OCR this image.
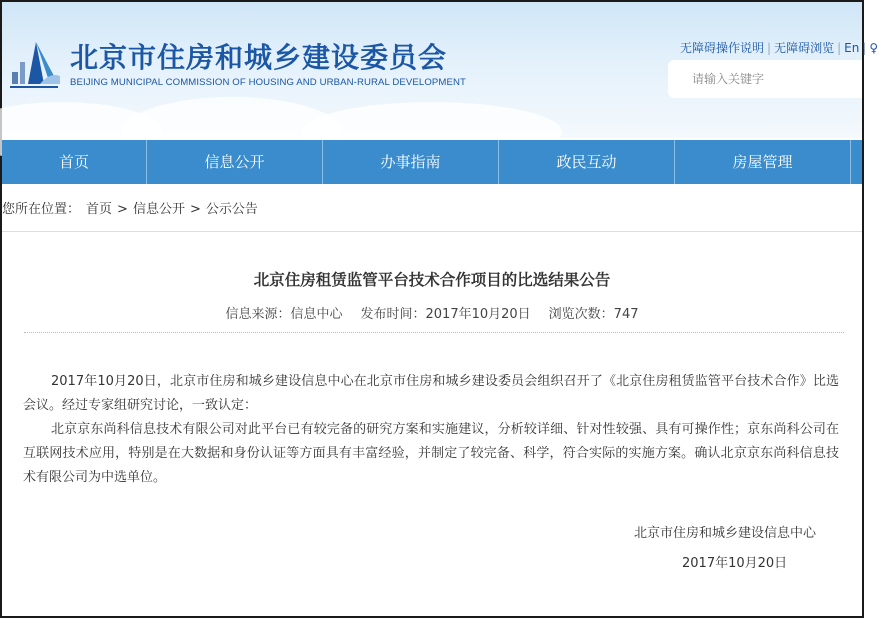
北京市住房和城乡建设委员会
BEIJING MUNICIPAL COMMISSION OF HOUSING AND URBAN-RURAL DEVELOPMENT
无障碍操作说明 | 无障碍浏览 | En | ♀
请输入关键字
首页	信息公开	办事指南	政民互动	房屋管理
您所在位置： 首页 > 信息公开 > 公示公告
北京住房租赁监管平台技术合作项目的比选结果公告
信息来源：信息中心 发布时间：2017年10月20日 浏览次数：747

2017年10月20日，北京市住房和城乡建设信息中心在北京市住房和城乡建设委员会组织召开了《北京住房租赁监管平台技术合作》比选会议。经过专家组研究讨论，一致认定：

北京京东尚科信息技术有限公司对此平台已有较完备的研究方案和实施建议，分析较详细、针对性较强、具有可操作性；京东尚科公司在互联网技术应用，特别是在大数据和身份认证等方面具有丰富经验，并制定了较完备、科学，符合实际的实施方案。确认北京京东尚科信息技术有限公司为中选单位。

北京市住房和城乡建设信息中心
2017年10月20日
